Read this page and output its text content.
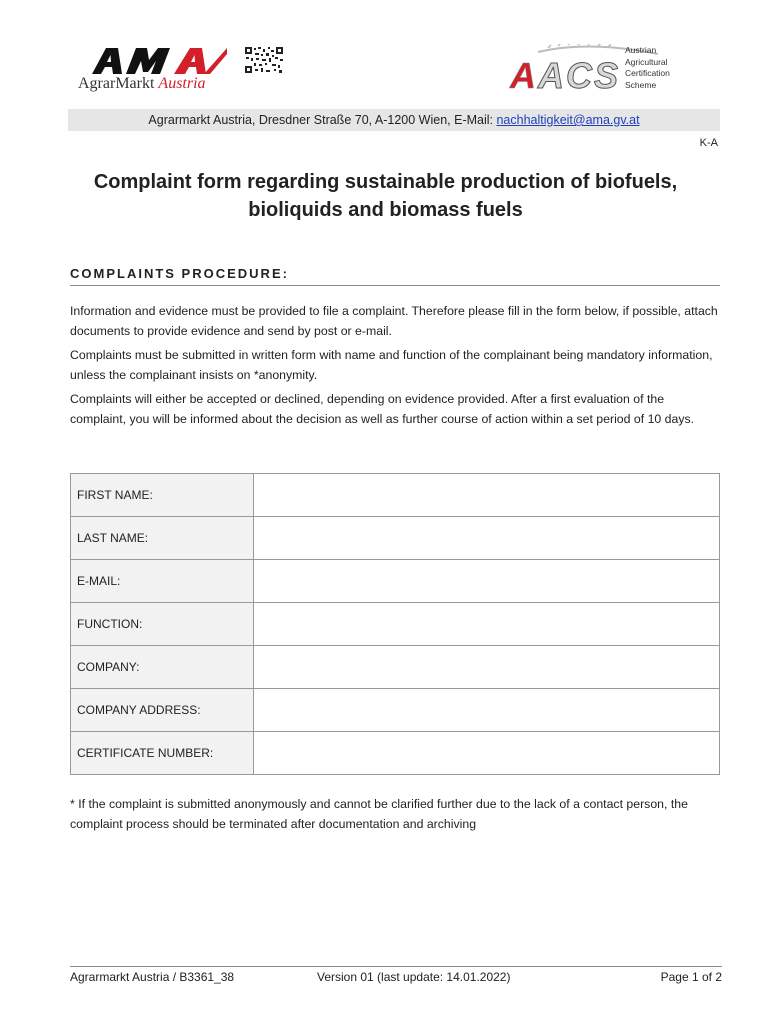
AgrarMarkt Austria	A A C S
Austrian
Agricultural
Certification
Scheme
Agrarmarkt Austria, Dresdner Straße 70, A-1200 Wien, E-Mail: nachhaltigkeit@ama.gv.at
K-A
Complaint form regarding sustainable production of biofuels, bioliquids and biomass fuels
COMPLAINTS PROCEDURE:
Information and evidence must be provided to file a complaint. Therefore please fill in the form below, if possible, attach documents to provide evidence and send by post or e-mail.
Complaints must be submitted in written form with name and function of the complainant being mandatory information, unless the complainant insists on *anonymity.
Complaints will either be accepted or declined, depending on evidence provided. After a first evaluation of the complaint, you will be informed about the decision as well as further course of action within a set period of 10 days.
FIRST NAME:	
LAST NAME:	
E-MAIL:	
FUNCTION:	
COMPANY:	
COMPANY ADDRESS:	
CERTIFICATE NUMBER:	
* If the complaint is submitted anonymously and cannot be clarified further due to the lack of a contact person, the complaint process should be terminated after documentation and archiving
Agrarmarkt Austria / B3361_38	Version 01 (last update: 14.01.2022)	Page 1 of 2
